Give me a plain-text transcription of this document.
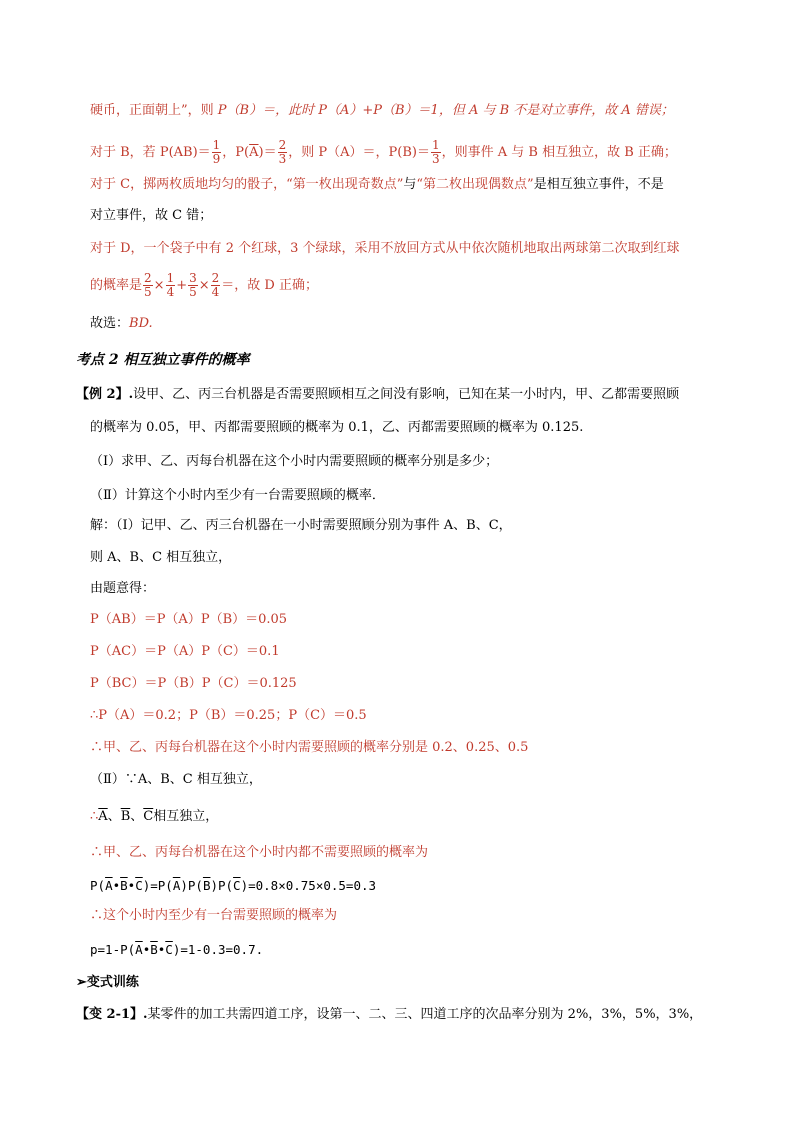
硬币，正面朝上”，则 P（B）＝，此时 P（A）+P（B）＝1，但 A 与 B 不是对立事件，故 A 错误；
对于 B，若 $P(AB)= \frac{1}{9}$ ，$P(\overline{A})= \frac{2}{3}$ ，则 P（A）＝，$P(B)= \frac{1}{3}$ ，则事件 A 与 B 相互独立，故 B 正确；
对于 C，掷两枚质地均匀的骰子，“第一枚出现奇数点”与“第二枚出现偶数点”是相互独立事件，不是
对立事件，故 C 错；
对于 D，一个袋子中有 2 个红球，3 个绿球，采用不放回方式从中依次随机地取出两球第二次取到红球
的概率是 $\frac{2}{5} \times \frac{1}{4} + \frac{3}{5} \times \frac{2}{4}$ ＝，故 D 正确；
故选：BD.
考点 2 相互独立事件的概率
【例 2】.设甲、乙、丙三台机器是否需要照顾相互之间没有影响，已知在某一小时内，甲、乙都需要照顾
的概率为 0.05，甲、丙都需要照顾的概率为 0.1，乙、丙都需要照顾的概率为 0.125.
（Ⅰ）求甲、乙、丙每台机器在这个小时内需要照顾的概率分别是多少；
（Ⅱ）计算这个小时内至少有一台需要照顾的概率．
解：（Ⅰ）记甲、乙、丙三台机器在一小时需要照顾分别为事件 A、B、C，
则 A、B、C 相互独立，
由题意得：
P（AB）＝P（A）P（B）＝0.05
P（AC）＝P（A）P（C）＝0.1
P（BC）＝P（B）P（C）＝0.125
∴P（A）＝0.2；P（B）＝0.25；P（C）＝0.5
∴甲、乙、丙每台机器在这个小时内需要照顾的概率分别是 0.2、0.25、0.5
（Ⅱ）∵A、B、C 相互独立，
$\therefore\overline{A}$、$\overline{B}$、$\overline{C}$相互独立，
∴甲、乙、丙每台机器在这个小时内都不需要照顾的概率为
$P(\overline{A}•\overline{B}•\overline{C})=P(\overline{A})P(\overline{B})P(\overline{C})=0.8\times 0.75\times 0.5=0.3$
∴这个小时内至少有一台需要照顾的概率为
$p=1-P(\overline{A}•\overline{B}•\overline{C})=1-0.3=0.7$.
➢变式训练
【变 2-1】.某零件的加工共需四道工序，设第一、二、三、四道工序的次品率分别为 2%，3%，5%，3%，
